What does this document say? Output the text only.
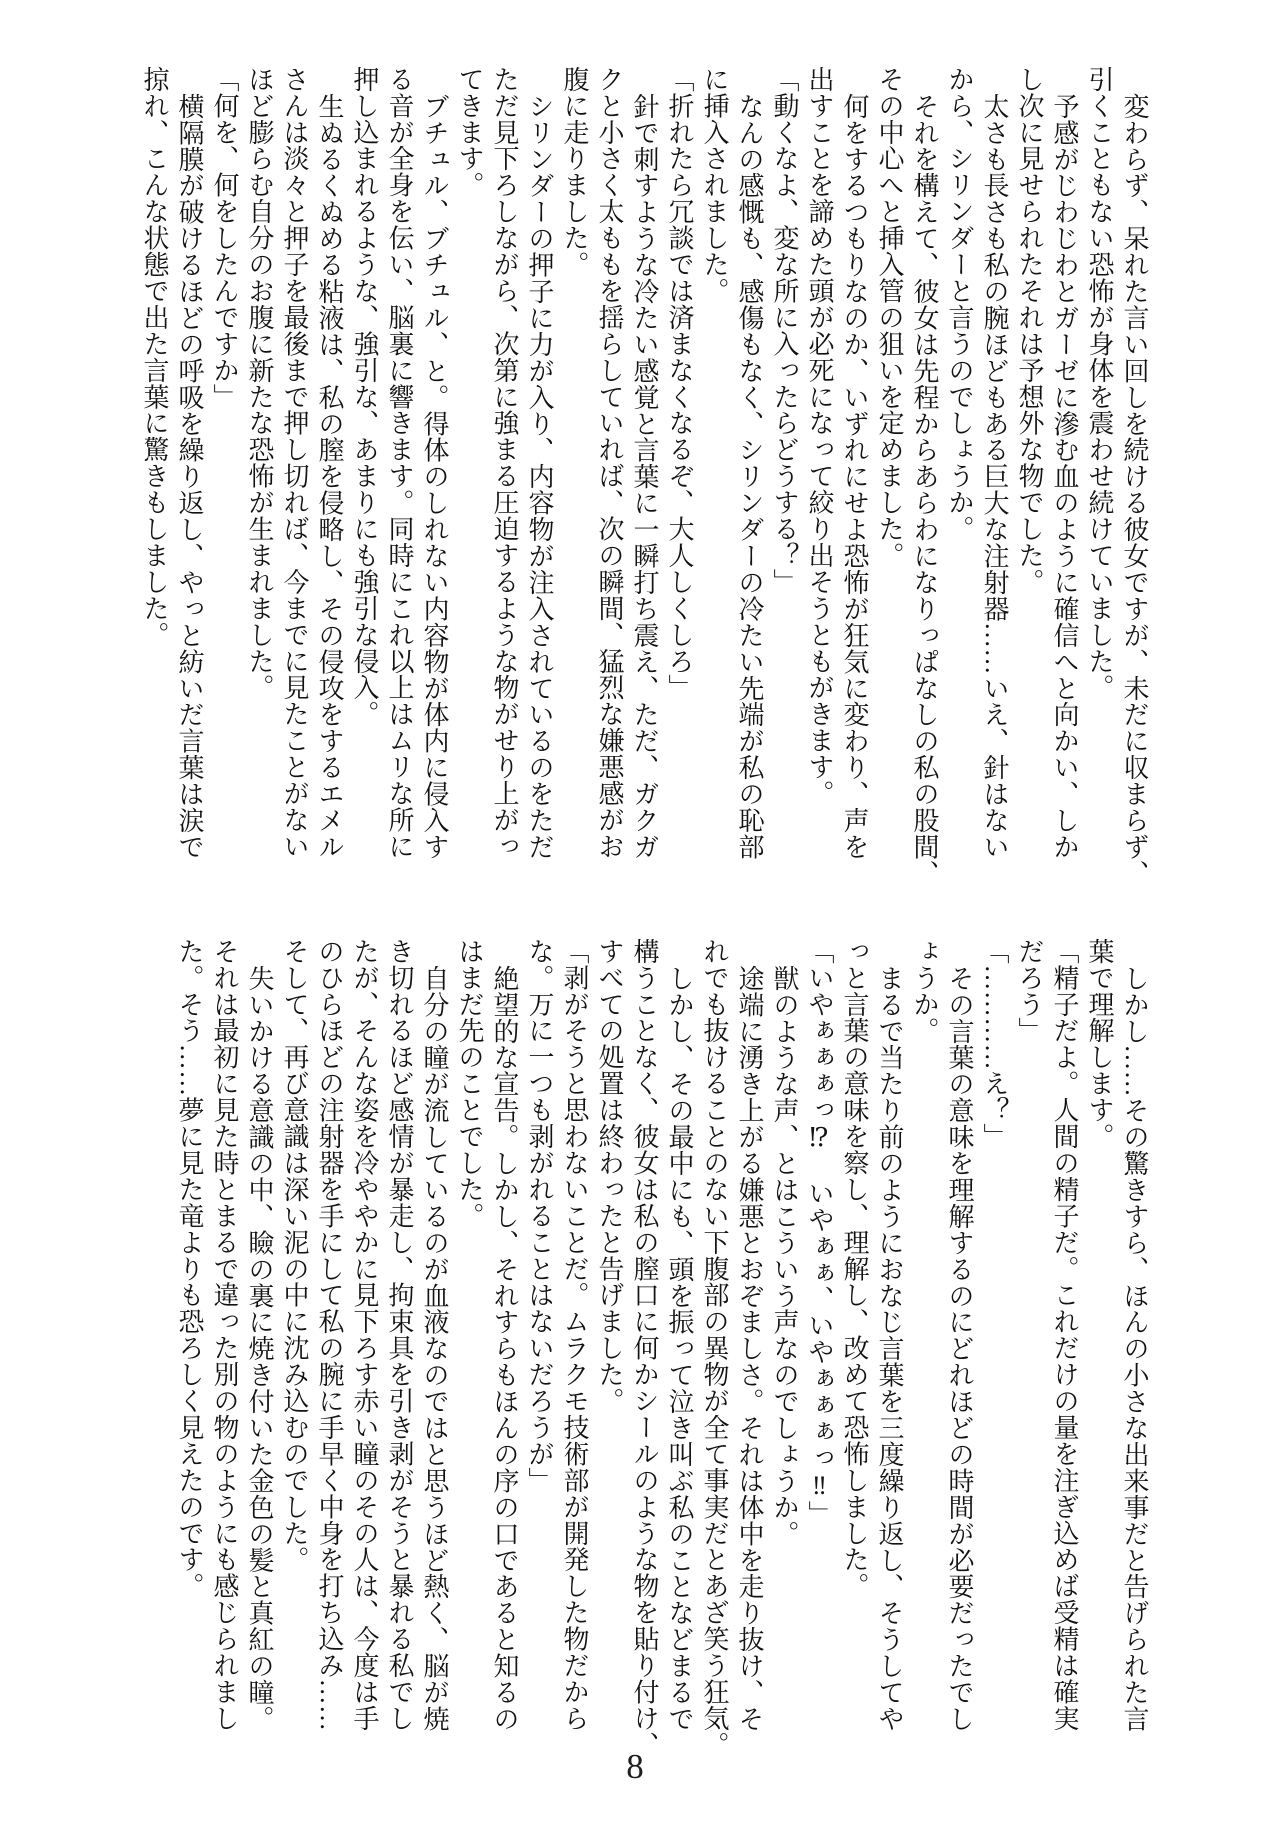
変わらず、呆れた言い回しを続ける彼女ですが、未だに収まらず、
引くこともない恐怖が身体を震わせ続けていました。
予感がじわじわとガーゼに滲む血のように確信へと向かい、しか
し次に見せられたそれは予想外な物でした。
太さも長さも私の腕ほどもある巨大な注射器……いえ、針はない
から、シリンダーと言うのでしょうか。
それを構えて、彼女は先程からあらわになりっぱなしの私の股間、
その中心へと挿入管の狙いを定めました。
何をするつもりなのか、いずれにせよ恐怖が狂気に変わり、声を
出すことを諦めた頭が必死になって絞り出そうともがきます。
「動くなよ、変な所に入ったらどうする？」
なんの感慨も、感傷もなく、シリンダーの冷たい先端が私の恥部
に挿入されました。
「折れたら冗談では済まなくなるぞ、大人しくしろ」
針で刺すような冷たい感覚と言葉に一瞬打ち震え、ただ、ガクガ
クと小さく太ももを揺らしていれば、次の瞬間、猛烈な嫌悪感がお
腹に走りました。
シリンダーの押子に力が入り、内容物が注入されているのをただ
ただ見下ろしながら、次第に強まる圧迫するような物がせり上がっ
てきます。
ブチュル、ブチュル、と。得体のしれない内容物が体内に侵入す
る音が全身を伝い、脳裏に響きます。同時にこれ以上はムリな所に
押し込まれるような、強引な、あまりにも強引な侵入。
生ぬるくぬめる粘液は、私の膣を侵略し、その侵攻をするエメル
さんは淡々と押子を最後まで押し切れば、今までに見たことがない
ほど膨らむ自分のお腹に新たな恐怖が生まれました。
「何を、何をしたんですか」
横隔膜が破けるほどの呼吸を繰り返し、やっと紡いだ言葉は涙で
掠れ、こんな状態で出た言葉に驚きもしました。
しかし……その驚きすら、ほんの小さな出来事だと告げられた言
葉で理解します。
「精子だよ。人間の精子だ。これだけの量を注ぎ込めば受精は確実
だろう」
「…………え？」
その言葉の意味を理解するのにどれほどの時間が必要だったでし
ょうか。
まるで当たり前のようにおなじ言葉を三度繰り返し、そうしてや
っと言葉の意味を察し、理解し、改めて恐怖しました。
「いやぁぁぁっ⁉　いやぁぁ、いやぁぁぁっ‼」
獣のような声、とはこういう声なのでしょうか。
途端に湧き上がる嫌悪とおぞましさ。それは体中を走り抜け、そ
れでも抜けることのない下腹部の異物が全て事実だとあざ笑う狂気。
しかし、その最中にも、頭を振って泣き叫ぶ私のことなどまるで
構うことなく、彼女は私の膣口に何かシールのような物を貼り付け、
すべての処置は終わったと告げました。
「剥がそうと思わないことだ。ムラクモ技術部が開発した物だから
な。万に一つも剥がれることはないだろうが」
絶望的な宣告。しかし、それすらもほんの序の口であると知るの
はまだ先のことでした。
自分の瞳が流しているのが血液なのではと思うほど熱く、脳が焼
き切れるほど感情が暴走し、拘束具を引き剥がそうと暴れる私でし
たが、そんな姿を冷ややかに見下ろす赤い瞳のその人は、今度は手
のひらほどの注射器を手にして私の腕に手早く中身を打ち込み……
そして、再び意識は深い泥の中に沈み込むのでした。
失いかける意識の中、瞼の裏に焼き付いた金色の髪と真紅の瞳。
それは最初に見た時とまるで違った別の物のようにも感じられまし
た。そう……夢に見た竜よりも恐ろしく見えたのです。
8
